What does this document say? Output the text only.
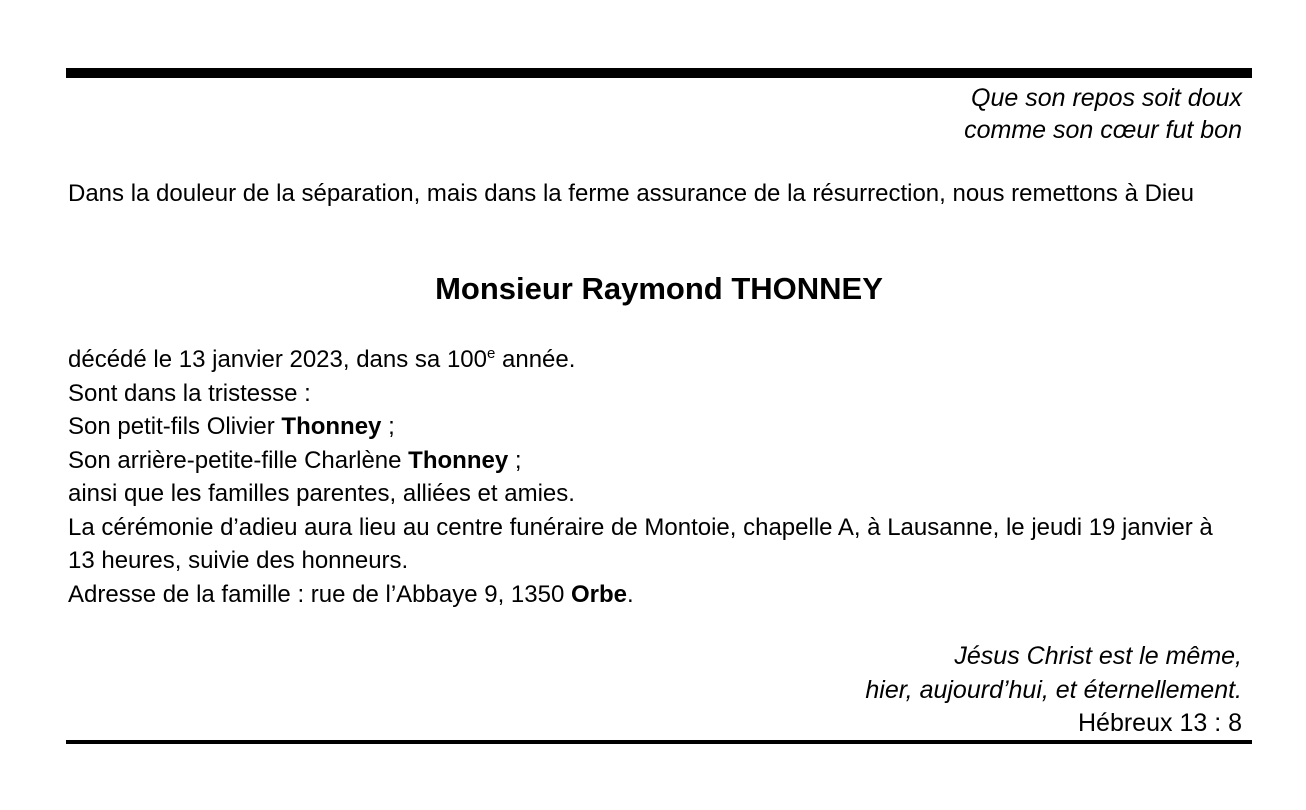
Que son repos soit doux
comme son cœur fut bon
Dans la douleur de la séparation, mais dans la ferme assurance de la résurrection, nous remettons à Dieu
Monsieur Raymond THONNEY
décédé le 13 janvier 2023, dans sa 100e année.
Sont dans la tristesse :
Son petit-fils Olivier Thonney ;
Son arrière-petite-fille Charlène Thonney ;
ainsi que les familles parentes, alliées et amies.
La cérémonie d’adieu aura lieu au centre funéraire de Montoie, chapelle A, à Lausanne, le jeudi 19 janvier à 13 heures, suivie des honneurs.
Adresse de la famille : rue de l’Abbaye 9, 1350 Orbe.
Jésus Christ est le même,
hier, aujourd’hui, et éternellement.
Hébreux 13 : 8
